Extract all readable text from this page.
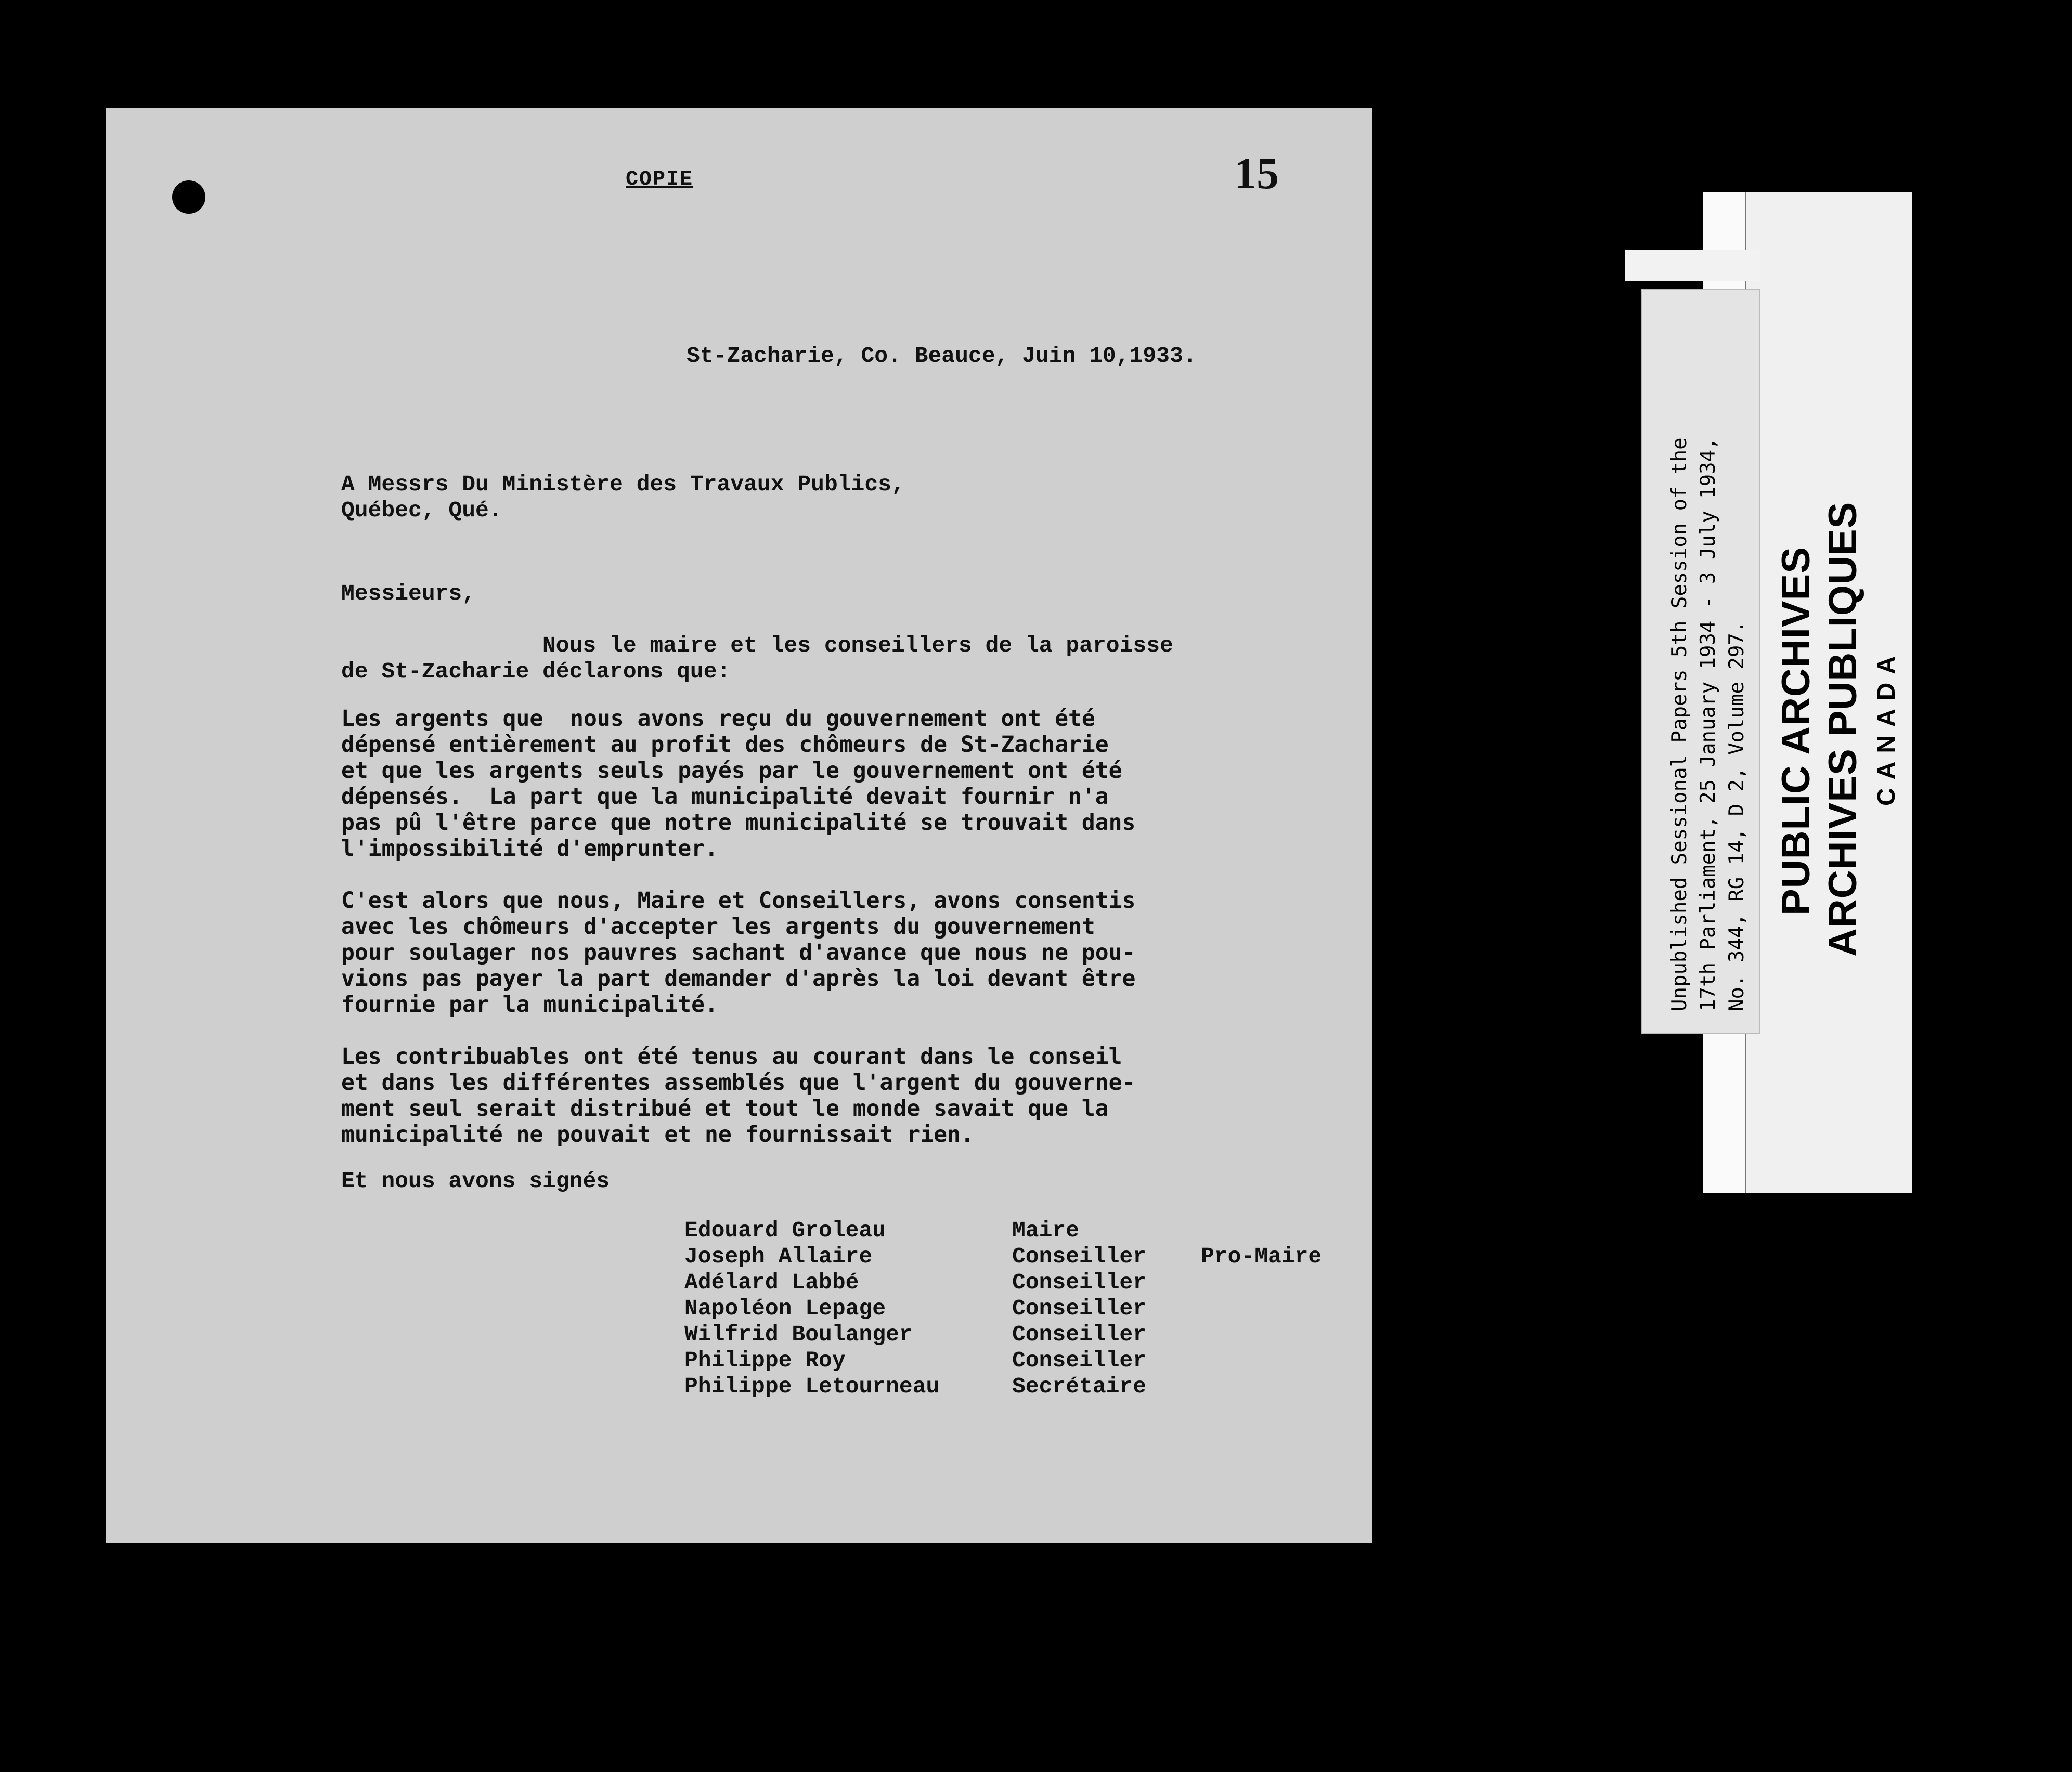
COPIE	15
St-Zacharie, Co. Beauce, Juin 10,1933.
A Messrs Du Ministère des Travaux Publics,
Québec, Qué.
Messieurs,
Nous le maire et les conseillers de la paroisse
de St-Zacharie déclarons que:
Les argents que  nous avons reçu du gouvernement ont été
dépensé entièrement au profit des chômeurs de St-Zacharie
et que les argents seuls payés par le gouvernement ont été
dépensés.  La part que la municipalité devait fournir n'a
pas pû l'être parce que notre municipalité se trouvait dans
l'impossibilité d'emprunter.
C'est alors que nous, Maire et Conseillers, avons consentis
avec les chômeurs d'accepter les argents du gouvernement
pour soulager nos pauvres sachant d'avance que nous ne pou-
vions pas payer la part demander d'après la loi devant être
fournie par la municipalité.
Les contribuables ont été tenus au courant dans le conseil
et dans les différentes assemblés que l'argent du gouverne-
ment seul serait distribué et tout le monde savait que la
municipalité ne pouvait et ne fournissait rien.
Et nous avons signés
Edouard Groleau	Maire
Joseph Allaire	Conseiller Pro-Maire
Adélard Labbé	Conseiller
Napoléon Lepage	Conseiller
Wilfrid Boulanger	Conseiller
Philippe Roy	Conseiller
Philippe Letourneau	Secrétaire
Unpublished Sessional Papers 5th Session of the 17th Parliament, 25 January 1934 - 3 July 1934, No. 344, RG 14, D 2, Volume 297. PUBLIC ARCHIVES ARCHIVES PUBLIQUES CANADA
